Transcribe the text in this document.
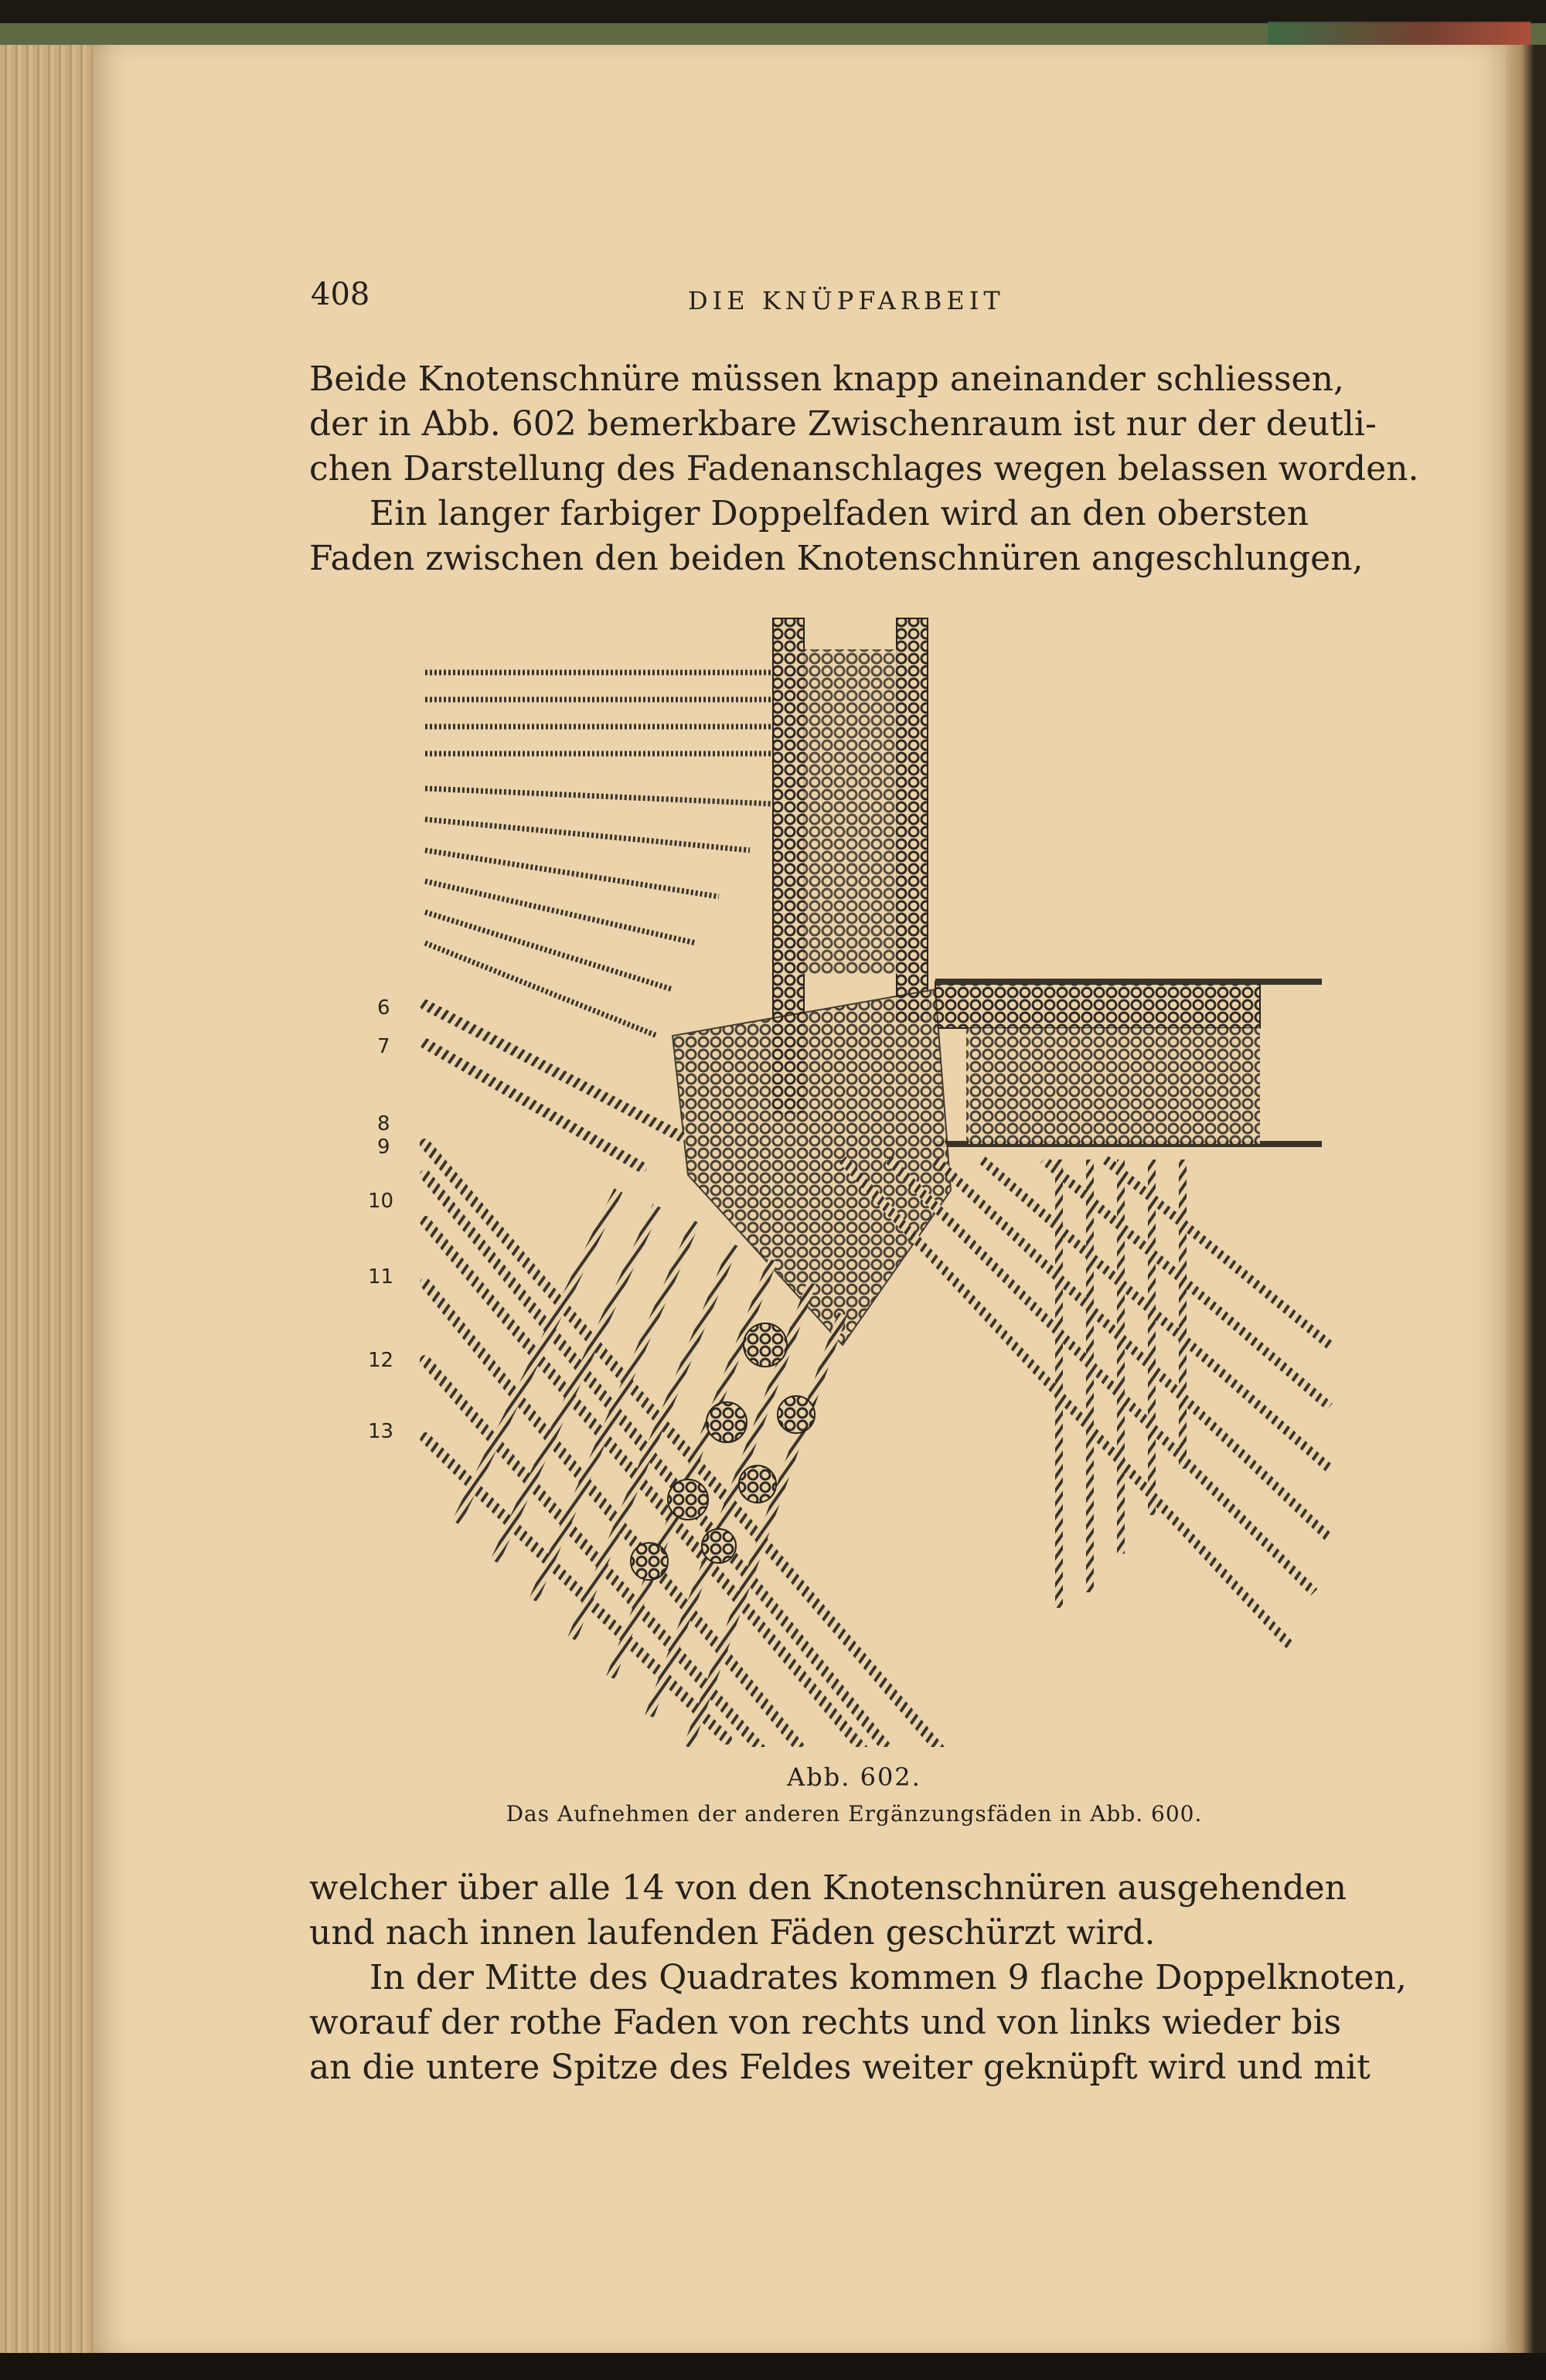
408	DIE KNÜPFARBEIT
Beide Knotenschnüre müssen knapp aneinander schliessen,
der in Abb. 602 bemerkbare Zwischenraum ist nur der deutli-
chen Darstellung des Fadenanschlages wegen belassen worden.
Ein langer farbiger Doppelfaden wird an den obersten
Faden zwischen den beiden Knotenschnüren angeschlungen,
6
7
8
9
10
11
12
13
Abb. 602.
Das Aufnehmen der anderen Ergänzungsfäden in Abb. 600.
welcher über alle 14 von den Knotenschnüren ausgehenden
und nach innen laufenden Fäden geschürzt wird.
In der Mitte des Quadrates kommen 9 flache Doppelknoten,
worauf der rothe Faden von rechts und von links wieder bis
an die untere Spitze des Feldes weiter geknüpft wird und mit
